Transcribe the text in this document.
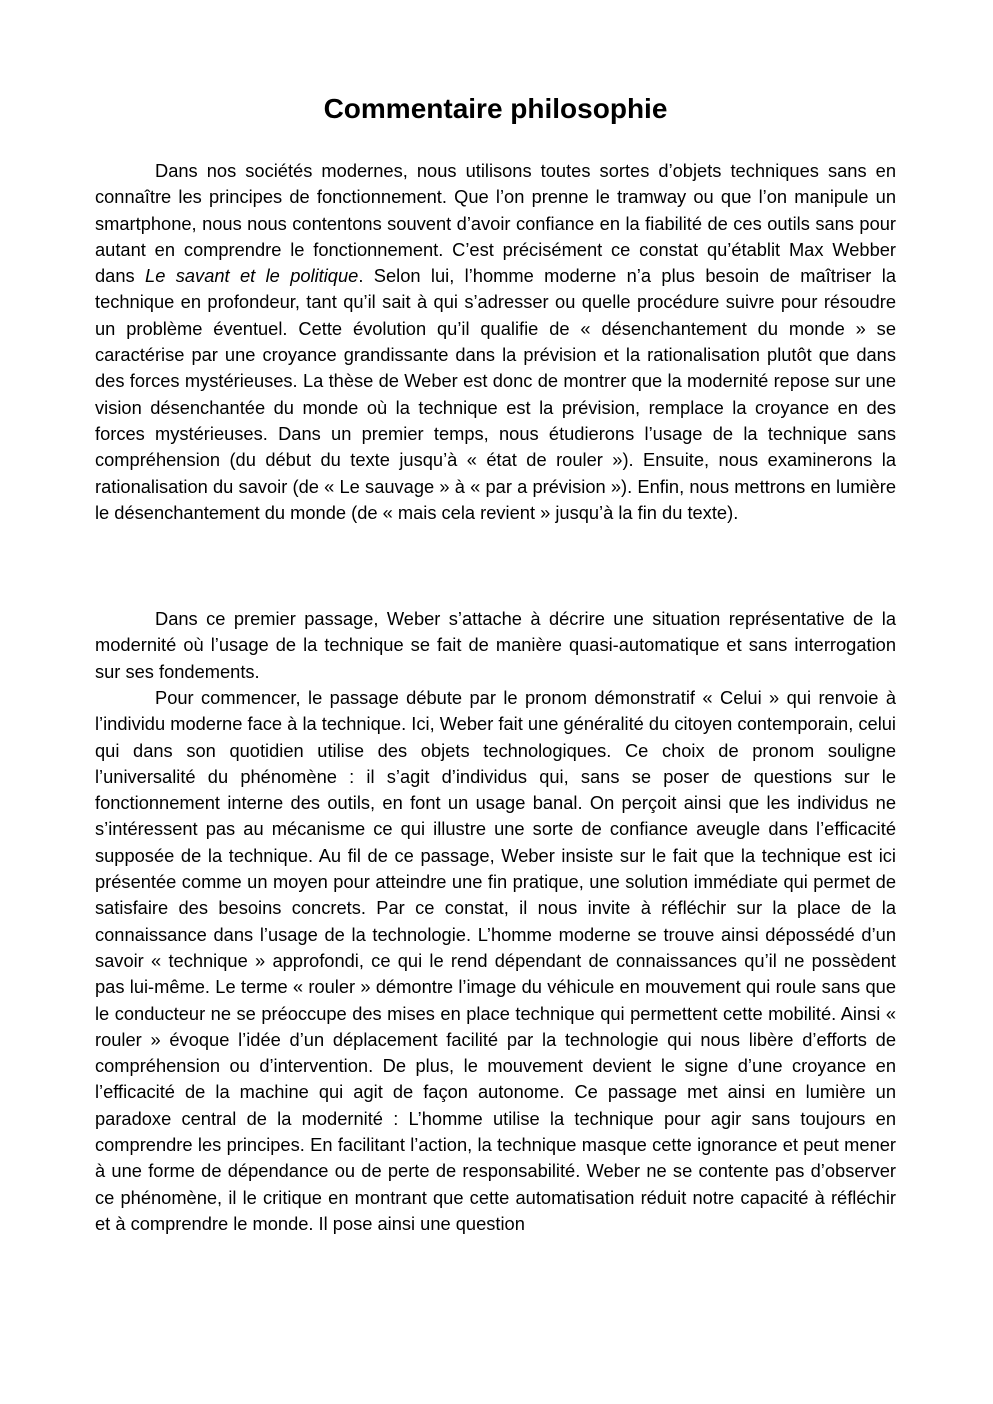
Commentaire philosophie

Dans nos sociétés modernes, nous utilisons toutes sortes d’objets techniques sans en connaître les principes de fonctionnement. Que l’on prenne le tramway ou que l’on manipule un smartphone, nous nous contentons souvent d’avoir confiance en la fiabilité de ces outils sans pour autant en comprendre le fonctionnement. C’est précisément ce constat qu’établit Max Webber dans Le savant et le politique. Selon lui, l’homme moderne n’a plus besoin de maîtriser la technique en profondeur, tant qu’il sait à qui s’adresser ou quelle procédure suivre pour résoudre un problème éventuel. Cette évolution qu’il qualifie de « désenchantement du monde » se caractérise par une croyance grandissante dans la prévision et la rationalisation plutôt que dans des forces mystérieuses. La thèse de Weber est donc de montrer que la modernité repose sur une vision désenchantée du monde où la technique est la prévision, remplace la croyance en des forces mystérieuses. Dans un premier temps, nous étudierons l’usage de la technique sans compréhension (du début du texte jusqu’à « état de rouler »). Ensuite, nous examinerons la rationalisation du savoir (de « Le sauvage » à « par a prévision »). Enfin, nous mettrons en lumière le désenchantement du monde (de « mais cela revient » jusqu’à la fin du texte).

Dans ce premier passage, Weber s’attache à décrire une situation représentative de la modernité où l’usage de la technique se fait de manière quasi-automatique et sans interrogation sur ses fondements.

Pour commencer, le passage débute par le pronom démonstratif « Celui » qui renvoie à l’individu moderne face à la technique. Ici, Weber fait une généralité du citoyen contemporain, celui qui dans son quotidien utilise des objets technologiques. Ce choix de pronom souligne l’universalité du phénomène : il s’agit d’individus qui, sans se poser de questions sur le fonctionnement interne des outils, en font un usage banal. On perçoit ainsi que les individus ne s’intéressent pas au mécanisme ce qui illustre une sorte de confiance aveugle dans l’efficacité supposée de la technique. Au fil de ce passage, Weber insiste sur le fait que la technique est ici présentée comme un moyen pour atteindre une fin pratique, une solution immédiate qui permet de satisfaire des besoins concrets. Par ce constat, il nous invite à réfléchir sur la place de la connaissance dans l’usage de la technologie. L’homme moderne se trouve ainsi dépossédé d’un savoir « technique » approfondi, ce qui le rend dépendant de connaissances qu’il ne possèdent pas lui-même. Le terme « rouler » démontre l’image du véhicule en mouvement qui roule sans que le conducteur ne se préoccupe des mises en place technique qui permettent cette mobilité. Ainsi « rouler » évoque l’idée d’un déplacement facilité par la technologie qui nous libère d’efforts de compréhension ou d’intervention. De plus, le mouvement devient le signe d’une croyance en l’efficacité de la machine qui agit de façon autonome. Ce passage met ainsi en lumière un paradoxe central de la modernité : L’homme utilise la technique pour agir sans toujours en comprendre les principes. En facilitant l’action, la technique masque cette ignorance et peut mener à une forme de dépendance ou de perte de responsabilité. Weber ne se contente pas d’observer ce phénomène, il le critique en montrant que cette automatisation réduit notre capacité à réfléchir et à comprendre le monde. Il pose ainsi une question
